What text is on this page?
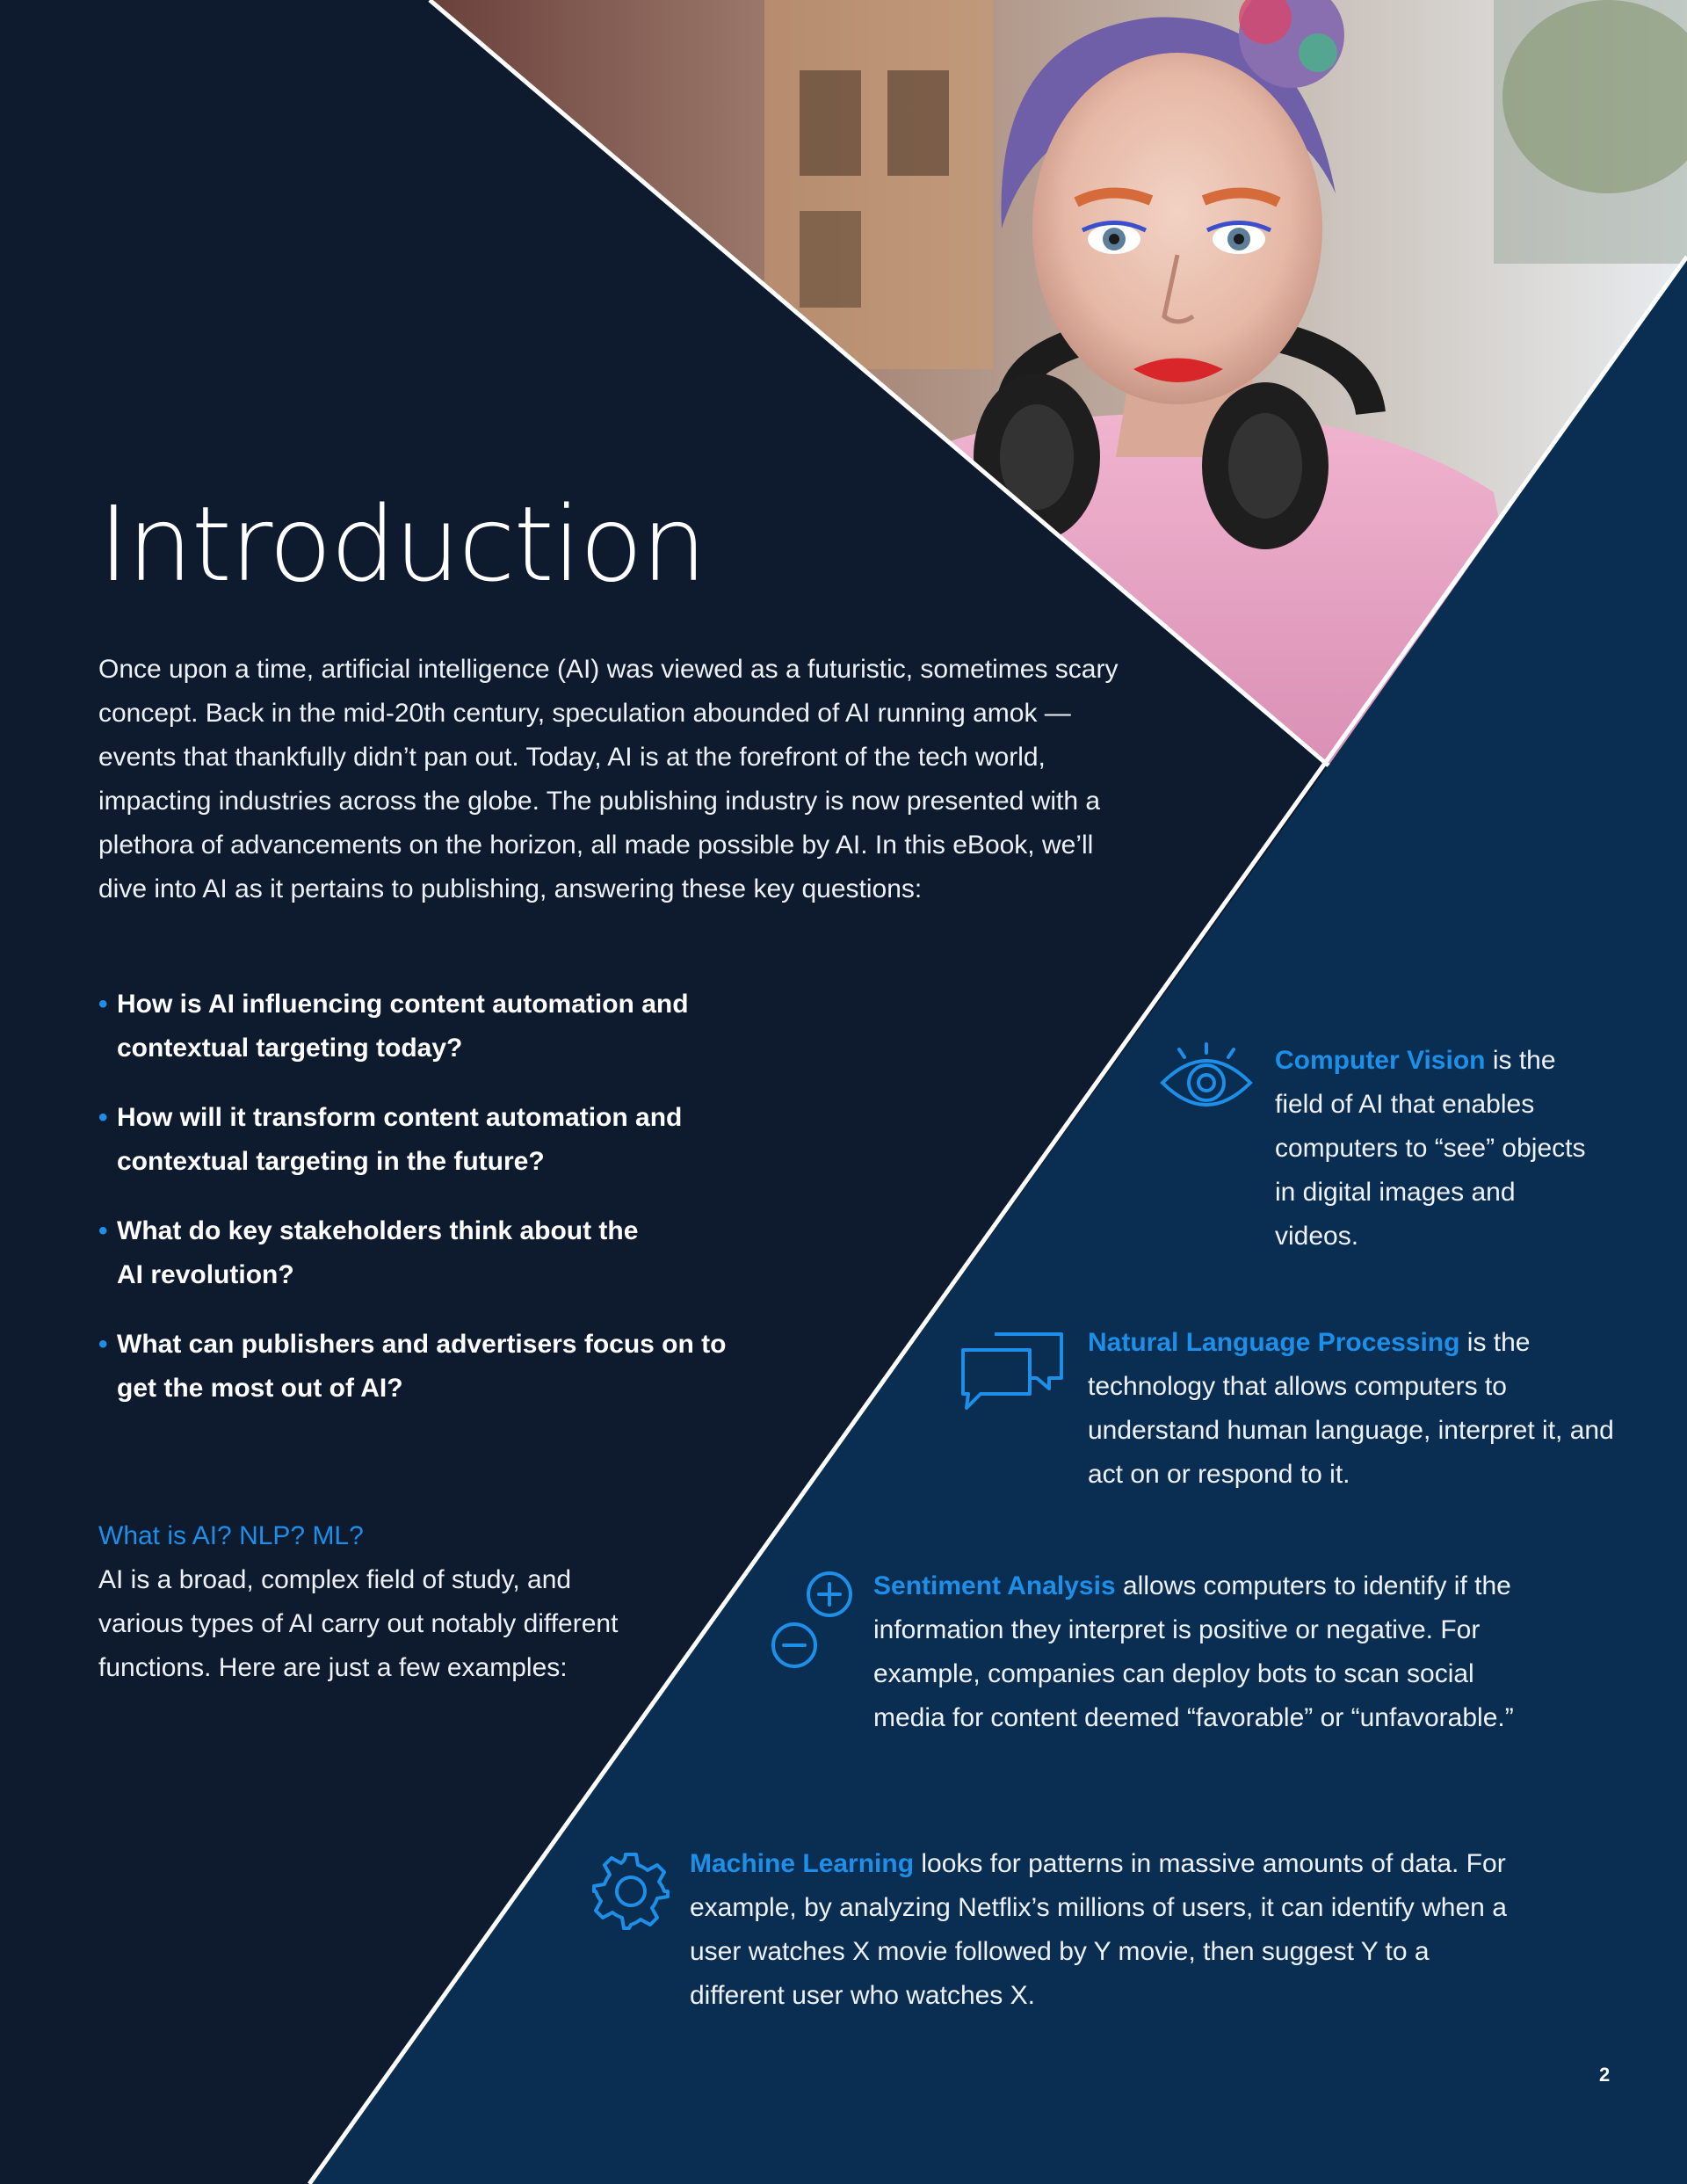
Introduction

Once upon a time, artificial intelligence (AI) was viewed as a futuristic, sometimes scary concept. Back in the mid-20th century, speculation abounded of AI running amok — events that thankfully didn’t pan out. Today, AI is at the forefront of the tech world, impacting industries across the globe. The publishing industry is now presented with a plethora of advancements on the horizon, all made possible by AI. In this eBook, we’ll dive into AI as it pertains to publishing, answering these key questions:

• How is AI influencing content automation and contextual targeting today?
• How will it transform content automation and contextual targeting in the future?
• What do key stakeholders think about the AI revolution?
• What can publishers and advertisers focus on to get the most out of AI?
What is AI? NLP? ML?

AI is a broad, complex field of study, and various types of AI carry out notably different functions. Here are just a few examples:

Computer Vision is the field of AI that enables computers to “see” objects in digital images and videos.

Natural Language Processing is the technology that allows computers to understand human language, interpret it, and act on or respond to it.

Sentiment Analysis allows computers to identify if the information they interpret is positive or negative. For example, companies can deploy bots to scan social media for content deemed “favorable” or “unfavorable.”

Machine Learning looks for patterns in massive amounts of data. For example, by analyzing Netflix’s millions of users, it can identify when a user watches X movie followed by Y movie, then suggest Y to a different user who watches X.

2
